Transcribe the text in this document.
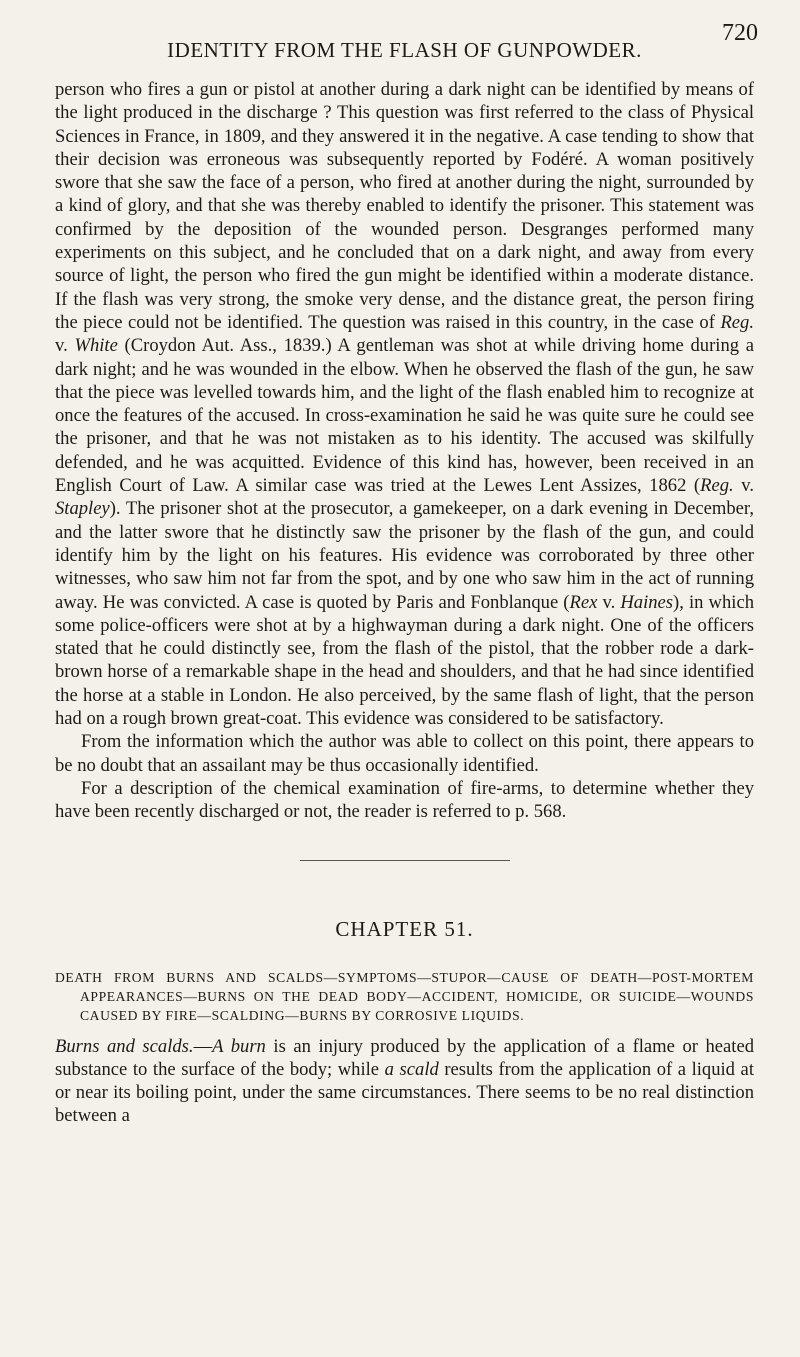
IDENTITY FROM THE FLASH OF GUNPOWDER.
720

person who fires a gun or pistol at another during a dark night can be identified by means of the light produced in the discharge ? This question was first referred to the class of Physical Sciences in France, in 1809, and they answered it in the negative. A case tending to show that their decision was erroneous was subsequently reported by Fodéré. A woman positively swore that she saw the face of a person, who fired at another during the night, surrounded by a kind of glory, and that she was thereby enabled to identify the prisoner. This statement was confirmed by the deposition of the wounded person. Desgranges performed many experiments on this subject, and he concluded that on a dark night, and away from every source of light, the person who fired the gun might be identified within a moderate distance. If the flash was very strong, the smoke very dense, and the distance great, the person firing the piece could not be identified. The question was raised in this country, in the case of Reg. v. White (Croydon Aut. Ass., 1839.) A gentleman was shot at while driving home during a dark night; and he was wounded in the elbow. When he observed the flash of the gun, he saw that the piece was levelled towards him, and the light of the flash enabled him to recognize at once the features of the accused. In cross-examination he said he was quite sure he could see the prisoner, and that he was not mistaken as to his identity. The accused was skilfully defended, and he was acquitted. Evidence of this kind has, however, been received in an English Court of Law. A similar case was tried at the Lewes Lent Assizes, 1862 (Reg. v. Stapley). The prisoner shot at the prosecutor, a gamekeeper, on a dark evening in December, and the latter swore that he distinctly saw the prisoner by the flash of the gun, and could identify him by the light on his features. His evidence was corroborated by three other witnesses, who saw him not far from the spot, and by one who saw him in the act of running away. He was convicted. A case is quoted by Paris and Fonblanque (Rex v. Haines), in which some police-officers were shot at by a highwayman during a dark night. One of the officers stated that he could distinctly see, from the flash of the pistol, that the robber rode a dark-brown horse of a remarkable shape in the head and shoulders, and that he had since identified the horse at a stable in London. He also perceived, by the same flash of light, that the person had on a rough brown great-coat. This evidence was considered to be satisfactory.

From the information which the author was able to collect on this point, there appears to be no doubt that an assailant may be thus occasionally identified.

For a description of the chemical examination of fire-arms, to determine whether they have been recently discharged or not, the reader is referred to p. 568.

CHAPTER 51.
DEATH FROM BURNS AND SCALDS—SYMPTOMS—STUPOR—CAUSE OF DEATH—POST-MORTEM APPEARANCES—BURNS ON THE DEAD BODY—ACCIDENT, HOMICIDE, OR SUICIDE—WOUNDS CAUSED BY FIRE—SCALDING—BURNS BY CORROSIVE LIQUIDS.

Burns and scalds.—A burn is an injury produced by the application of a flame or heated substance to the surface of the body; while a scald results from the application of a liquid at or near its boiling point, under the same circumstances. There seems to be no real distinction between a
